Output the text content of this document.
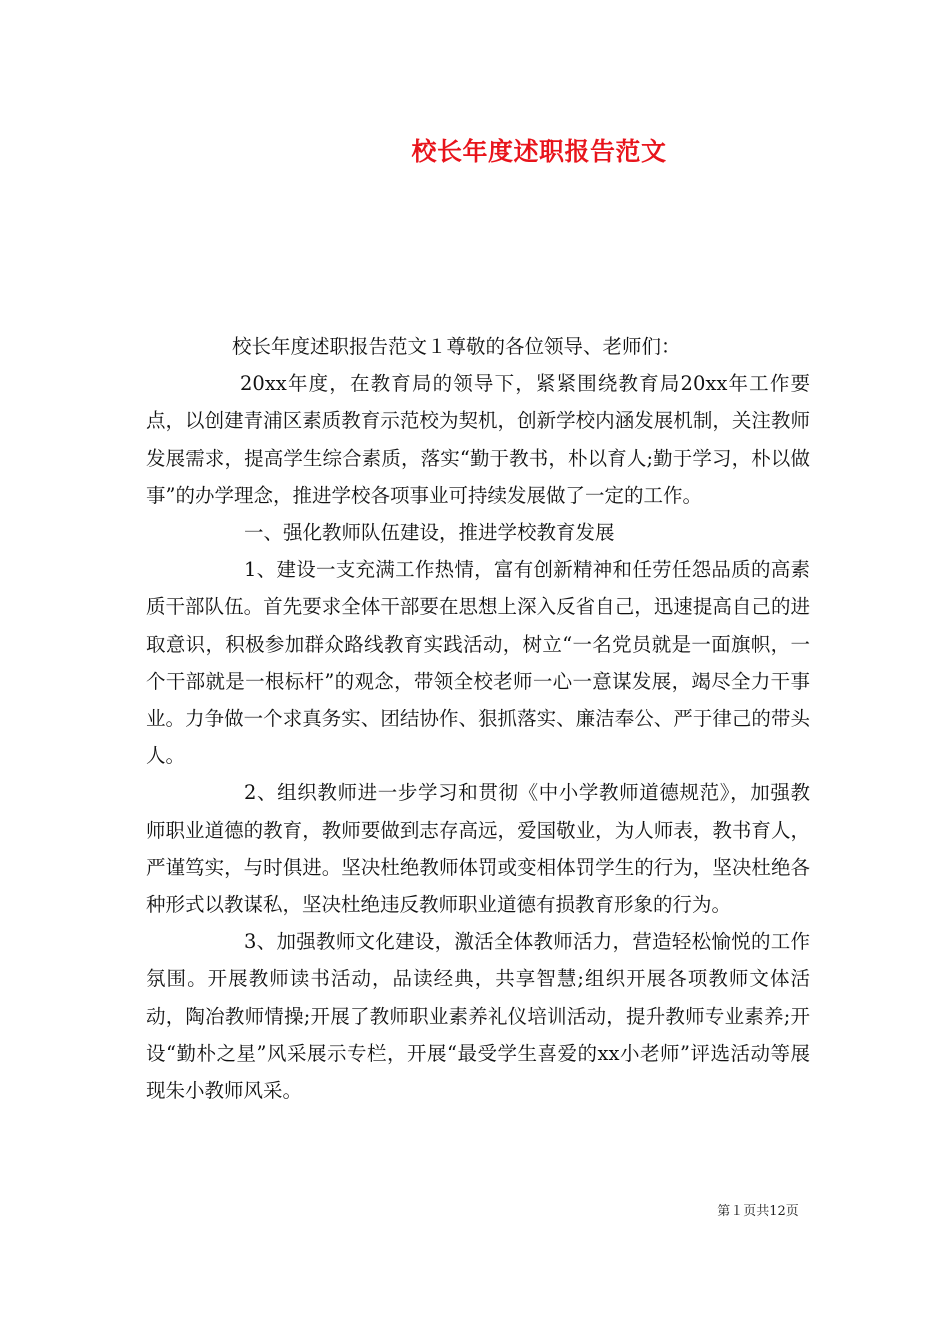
校长年度述职报告范文

校长年度述职报告范文１尊敬的各位领导、老师们：

20xx年度，在教育局的领导下，紧紧围绕教育局20xx年工作要点，以创建青浦区素质教育示范校为契机，创新学校内涵发展机制，关注教师发展需求，提高学生综合素质，落实“勤于教书，朴以育人;勤于学习，朴以做事”的办学理念，推进学校各项事业可持续发展做了一定的工作。

一、强化教师队伍建设，推进学校教育发展

1、建设一支充满工作热情，富有创新精神和任劳任怨品质的高素质干部队伍。首先要求全体干部要在思想上深入反省自己，迅速提高自己的进取意识，积极参加群众路线教育实践活动，树立“一名党员就是一面旗帜，一个干部就是一根标杆”的观念，带领全校老师一心一意谋发展，竭尽全力干事业。力争做一个求真务实、团结协作、狠抓落实、廉洁奉公、严于律己的带头人。

2、组织教师进一步学习和贯彻《中小学教师道德规范》，加强教师职业道德的教育，教师要做到志存高远，爱国敬业，为人师表，教书育人，严谨笃实，与时俱进。坚决杜绝教师体罚或变相体罚学生的行为，坚决杜绝各种形式以教谋私，坚决杜绝违反教师职业道德有损教育形象的行为。

3、加强教师文化建设，激活全体教师活力，营造轻松愉悦的工作氛围。开展教师读书活动，品读经典，共享智慧;组织开展各项教师文体活动，陶冶教师情操;开展了教师职业素养礼仪培训活动，提升教师专业素养;开设“勤朴之星”风采展示专栏，开展“最受学生喜爱的xx小老师”评选活动等展现朱小教师风采。

第１页共12页
